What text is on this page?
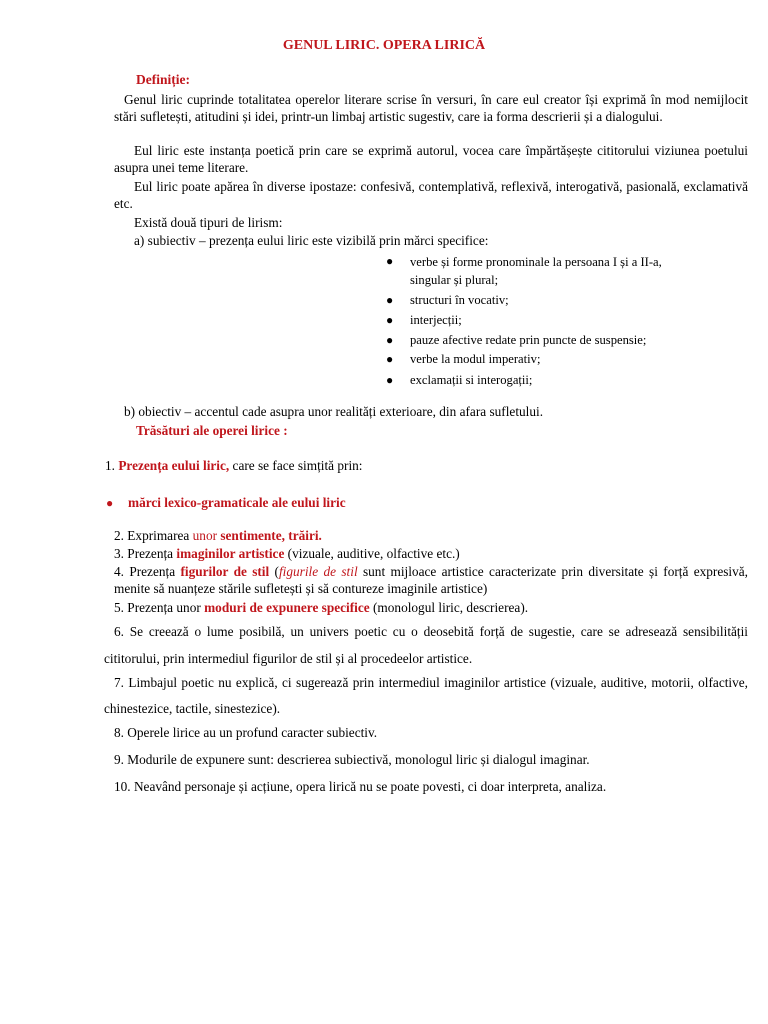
GENUL LIRIC. OPERA LIRICĂ
Definiție:

Genul liric cuprinde totalitatea operelor literare scrise în versuri, în care eul creator își exprimă în mod nemijlocit stări sufletești, atitudini și idei, printr-un limbaj artistic sugestiv, care ia forma descrierii și a dialogului.

Eul liric este instanța poetică prin care se exprimă autorul, vocea care împărtășește cititorului viziunea poetului asupra unei teme literare.

Eul liric poate apărea în diverse ipostaze: confesivă, contemplativă, reflexivă, interogativă, pasională, exclamativă etc.

Există două tipuri de lirism:
a) subiectiv – prezența eului liric este vizibilă prin mărci specifice:
● verbe și forme pronominale la persoana I și a II-a,
singular și plural;
● structuri în vocativ;
● interjecții;
● pauze afective redate prin puncte de suspensie;
● verbe la modul imperativ;
● exclamații si interogații;
b) obiectiv – accentul cade asupra unor realități exterioare, din afara sufletului.
Trăsături ale operei lirice :
1. Prezența eului liric, care se face simțită prin:
● mărci lexico-gramaticale ale eului liric
2. Exprimarea unor sentimente, trăiri.
3. Prezența imaginilor artistice (vizuale, auditive, olfactive etc.)

4. Prezența figurilor de stil (figurile de stil sunt mijloace artistice caracterizate prin diversitate și forță expresivă, menite să nuanțeze stările sufletești și să contureze imaginile artistice)

5. Prezența unor moduri de expunere specifice (monologul liric, descrierea).

6. Se creează o lume posibilă, un univers poetic cu o deosebită forță de sugestie, care se adresează sensibilității cititorului, prin intermediul figurilor de stil și al procedeelor artistice.

7. Limbajul poetic nu explică, ci sugerează prin intermediul imaginilor artistice (vizuale, auditive, motorii, olfactive, chinestezice, tactile, sinestezice).

8. Operele lirice au un profund caracter subiectiv.
9. Modurile de expunere sunt: descrierea subiectivă, monologul liric și dialogul imaginar.
10. Neavând personaje și acțiune, opera lirică nu se poate povesti, ci doar interpreta, analiza.
